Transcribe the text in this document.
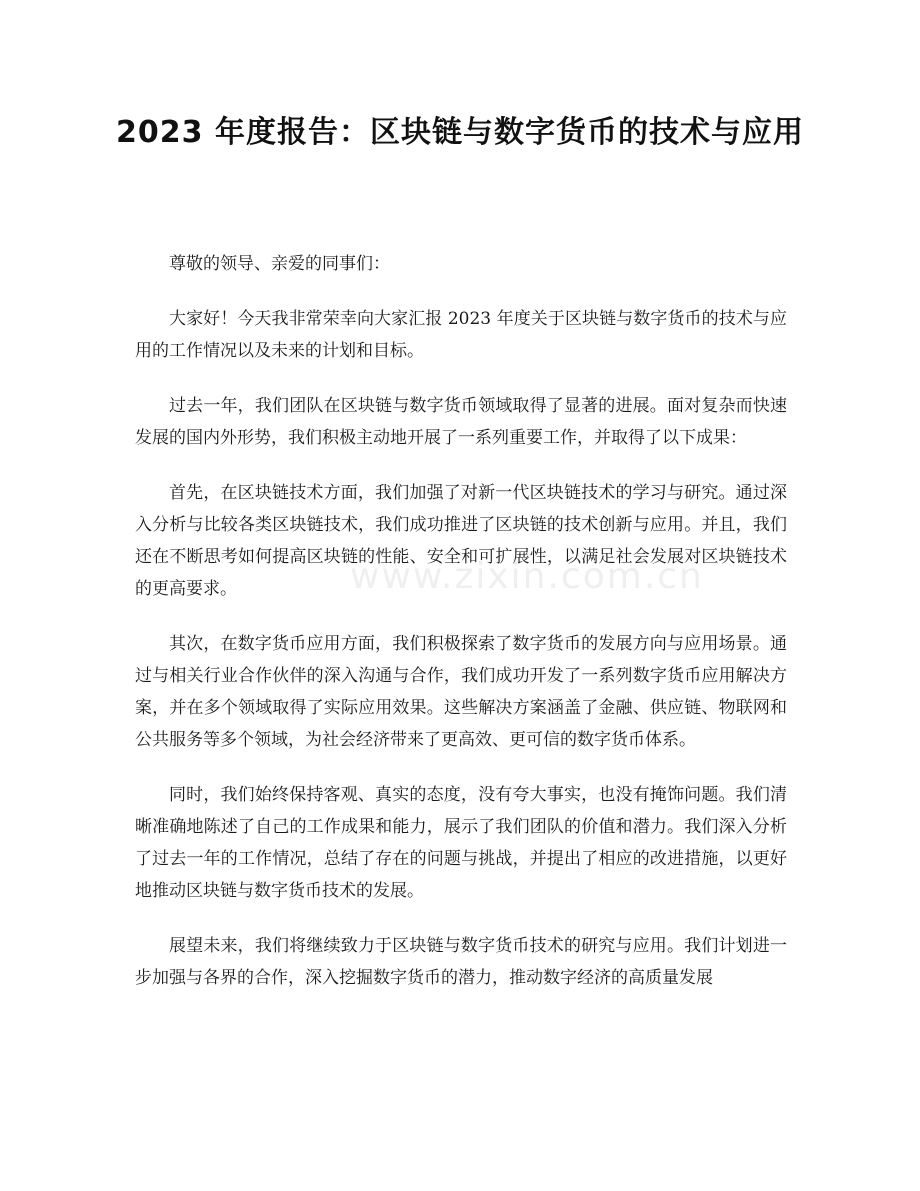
2023 年度报告：区块链与数字货币的技术与应用

尊敬的领导、亲爱的同事们：

大家好！今天我非常荣幸向大家汇报 2023 年度关于区块链与数字货币的技术与应用的工作情况以及未来的计划和目标。

过去一年，我们团队在区块链与数字货币领域取得了显著的进展。面对复杂而快速发展的国内外形势，我们积极主动地开展了一系列重要工作，并取得了以下成果：

首先，在区块链技术方面，我们加强了对新一代区块链技术的学习与研究。通过深入分析与比较各类区块链技术，我们成功推进了区块链的技术创新与应用。并且，我们还在不断思考如何提高区块链的性能、安全和可扩展性，以满足社会发展对区块链技术的更高要求。

其次，在数字货币应用方面，我们积极探索了数字货币的发展方向与应用场景。通过与相关行业合作伙伴的深入沟通与合作，我们成功开发了一系列数字货币应用解决方案，并在多个领域取得了实际应用效果。这些解决方案涵盖了金融、供应链、物联网和公共服务等多个领域，为社会经济带来了更高效、更可信的数字货币体系。

同时，我们始终保持客观、真实的态度，没有夸大事实，也没有掩饰问题。我们清晰准确地陈述了自己的工作成果和能力，展示了我们团队的价值和潜力。我们深入分析了过去一年的工作情况，总结了存在的问题与挑战，并提出了相应的改进措施，以更好地推动区块链与数字货币技术的发展。

展望未来，我们将继续致力于区块链与数字货币技术的研究与应用。我们计划进一步加强与各界的合作，深入挖掘数字货币的潜力，推动数字经济的高质量发展

www.zixin.com.cn
